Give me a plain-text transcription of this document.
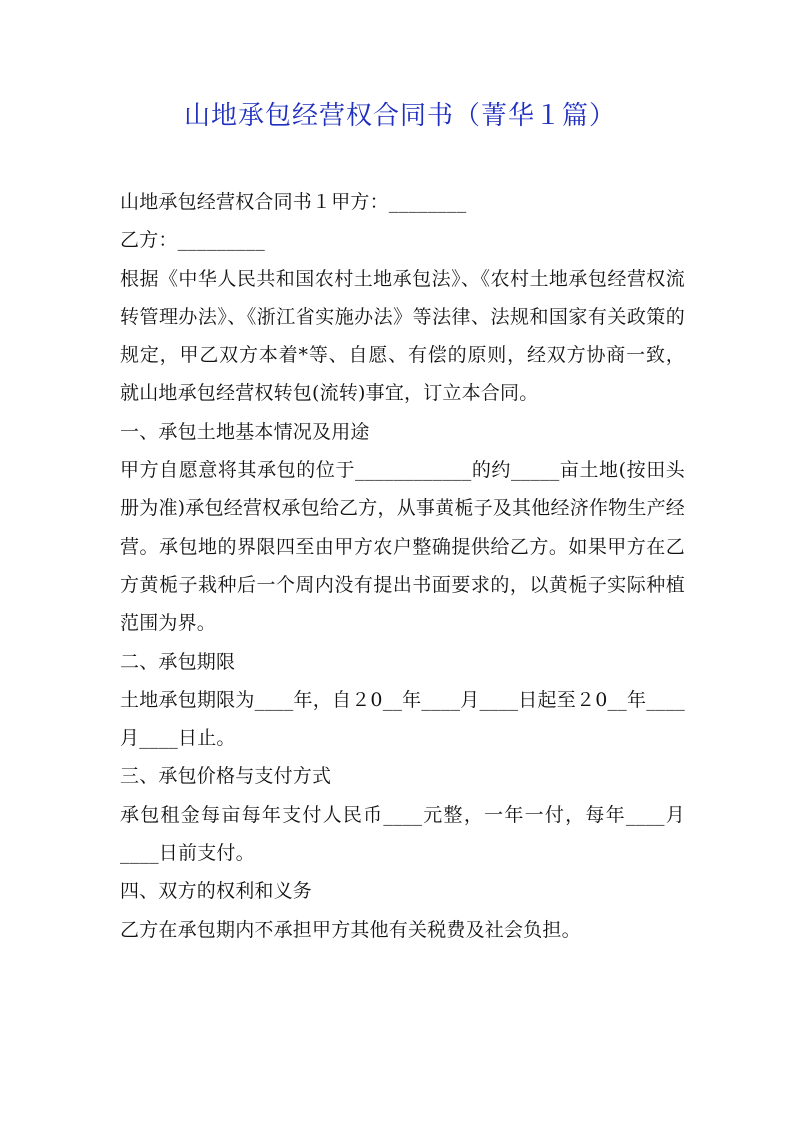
山地承包经营权合同书（菁华１篇）

山地承包经营权合同书１甲方：________

乙方：_________

根据《中华人民共和国农村土地承包法》、《农村土地承包经营权流转管理办法》、《浙江省实施办法》等法律、法规和国家有关政策的规定，甲乙双方本着*等、自愿、有偿的原则，经双方协商一致，就山地承包经营权转包(流转)事宜，订立本合同。

一、承包土地基本情况及用途

甲方自愿意将其承包的位于____________的约_____亩土地(按田头册为准)承包经营权承包给乙方，从事黄栀子及其他经济作物生产经营。承包地的界限四至由甲方农户整确提供给乙方。如果甲方在乙方黄栀子栽种后一个周内没有提出书面要求的，以黄栀子实际种植范围为界。

二、承包期限

土地承包期限为____年，自２0__年____月____日起至２0__年____月____日止。

三、承包价格与支付方式

承包租金每亩每年支付人民币____元整，一年一付，每年____月____日前支付。

四、双方的权利和义务

乙方在承包期内不承担甲方其他有关税费及社会负担。
